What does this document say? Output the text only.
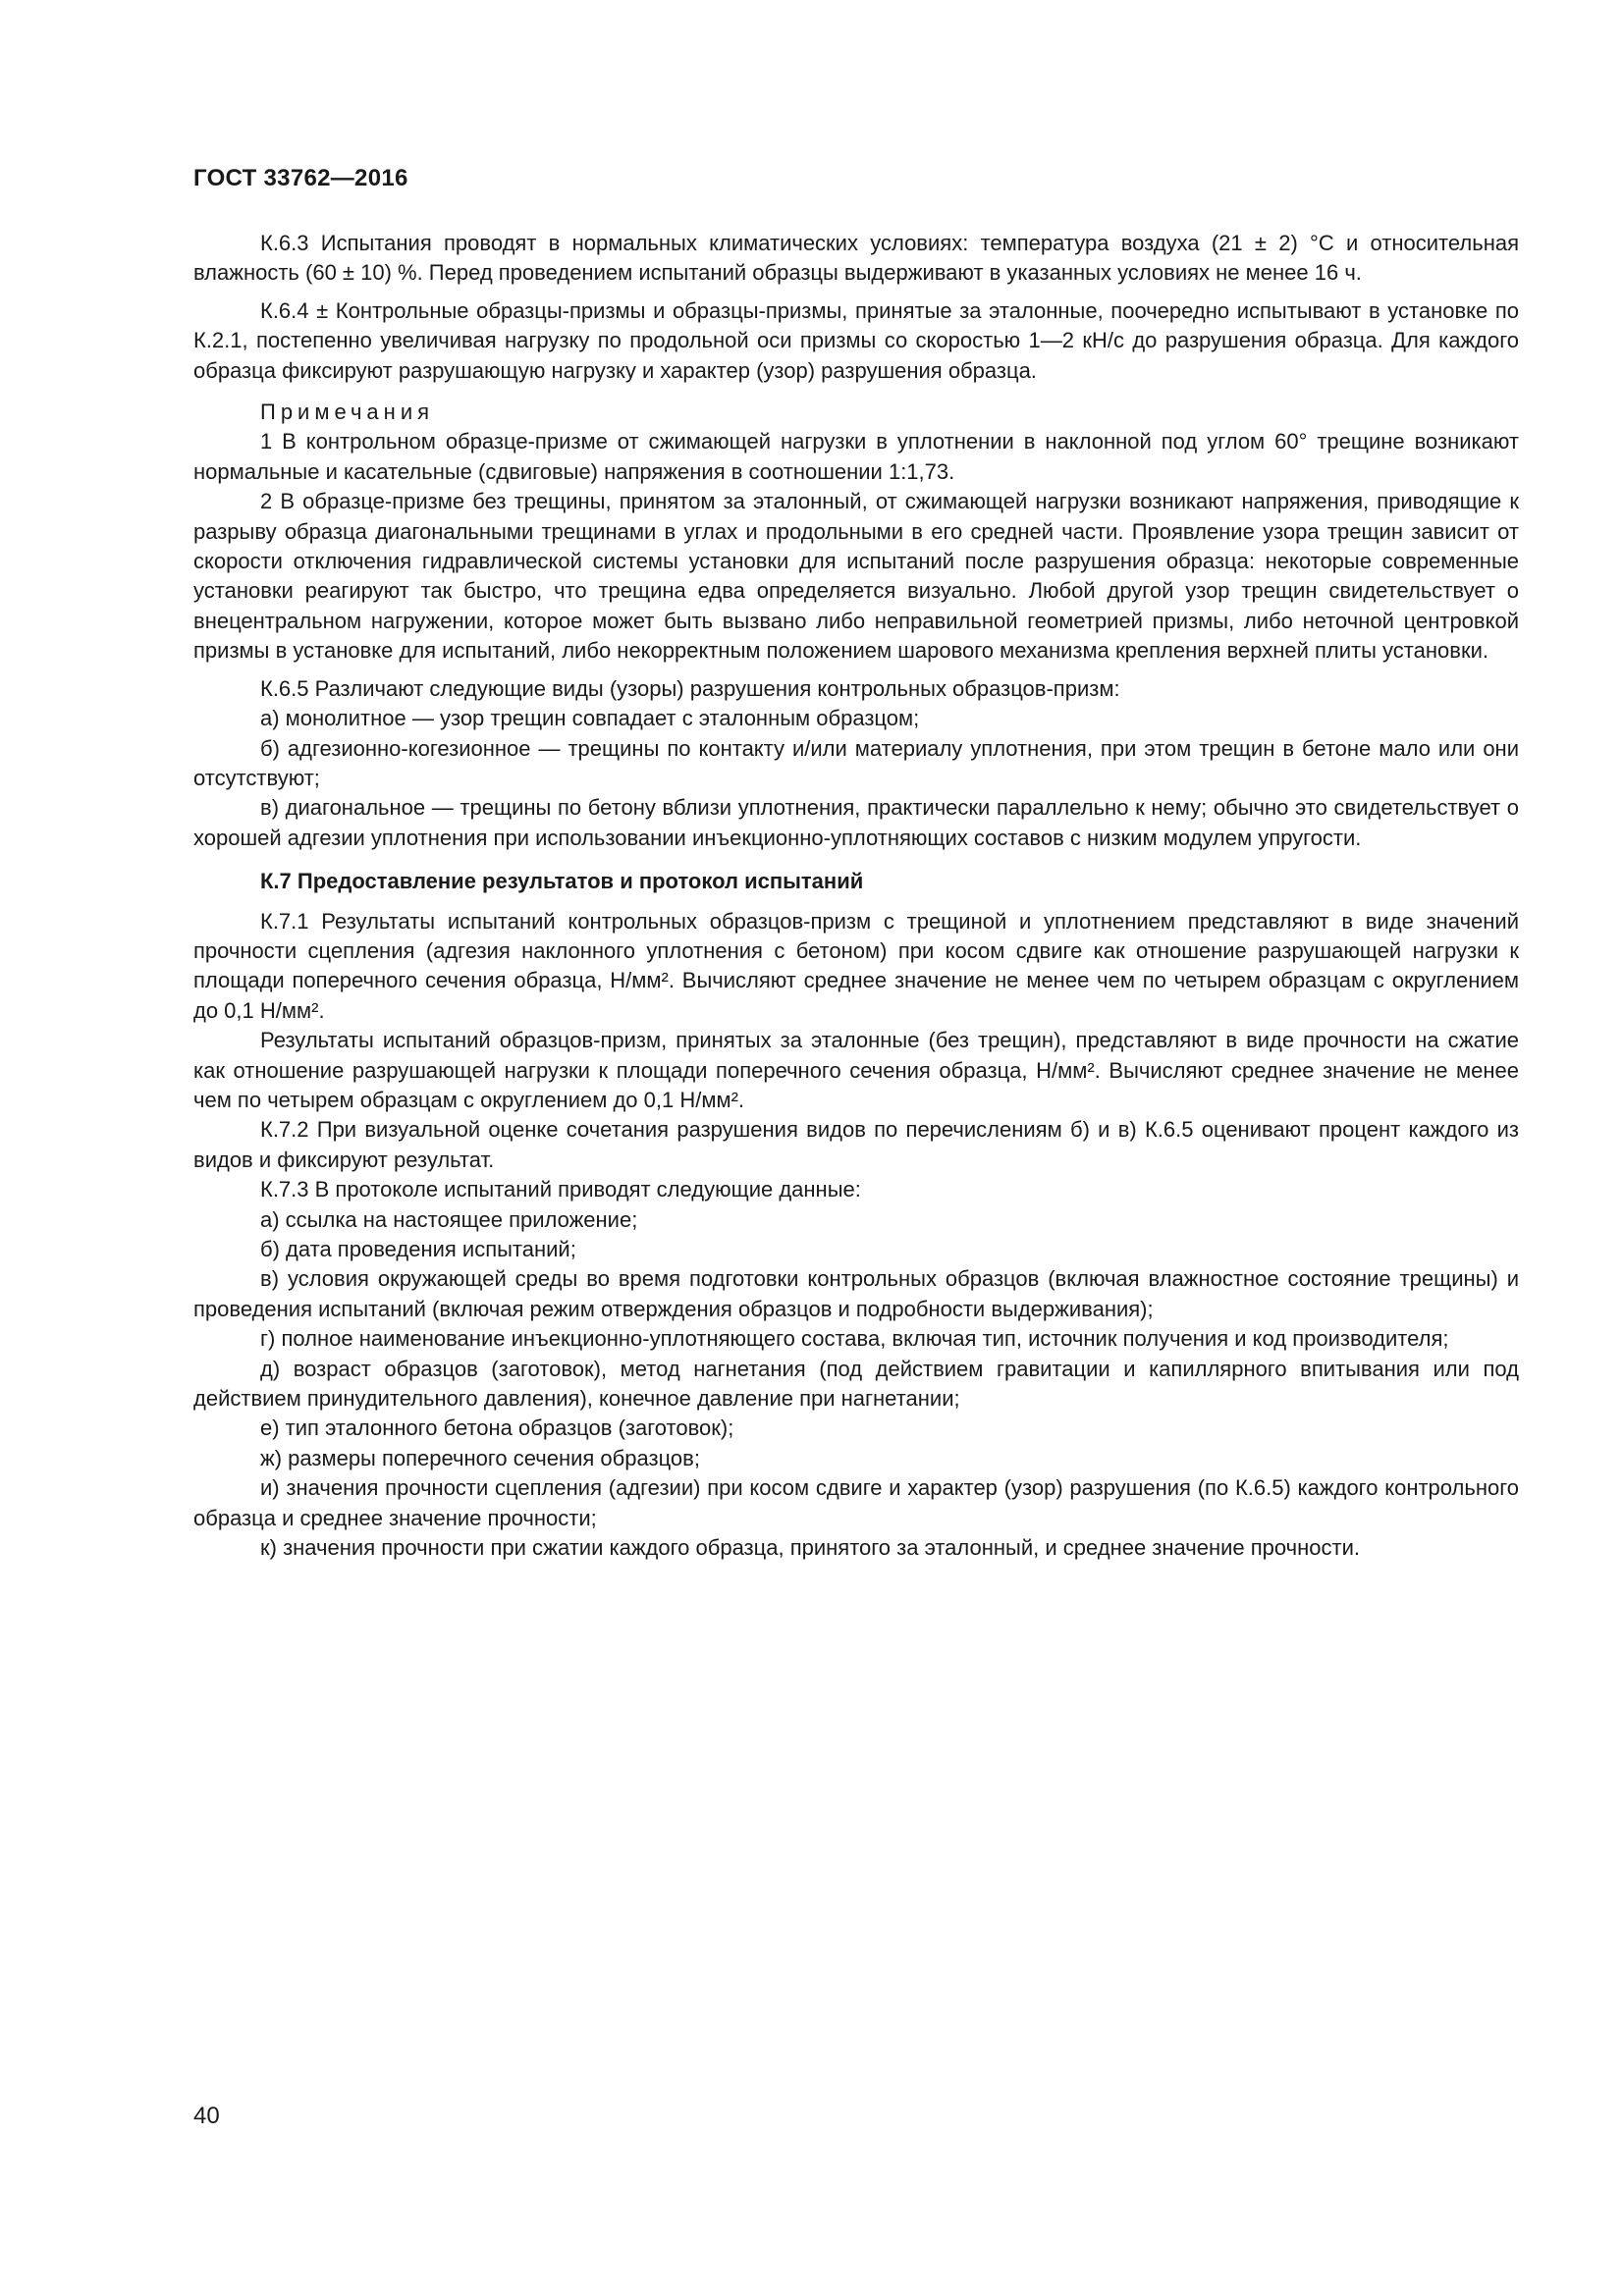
ГОСТ 33762—2016

К.6.3 Испытания проводят в нормальных климатических условиях: температура воздуха (21 ± 2) °С и относительная влажность (60 ± 10) %. Перед проведением испытаний образцы выдерживают в указанных условиях не менее 16 ч.

К.6.4 ± Контрольные образцы-призмы и образцы-призмы, принятые за эталонные, поочередно испытывают в установке по К.2.1, постепенно увеличивая нагрузку по продольной оси призмы со скоростью 1—2 кН/с до разрушения образца. Для каждого образца фиксируют разрушающую нагрузку и характер (узор) разрушения образца.

Примечания

1 В контрольном образце-призме от сжимающей нагрузки в уплотнении в наклонной под углом 60° трещине возникают нормальные и касательные (сдвиговые) напряжения в соотношении 1:1,73.

2 В образце-призме без трещины, принятом за эталонный, от сжимающей нагрузки возникают напряжения, приводящие к разрыву образца диагональными трещинами в углах и продольными в его средней части. Проявление узора трещин зависит от скорости отключения гидравлической системы установки для испытаний после разрушения образца: некоторые современные установки реагируют так быстро, что трещина едва определяется визуально. Любой другой узор трещин свидетельствует о внецентральном нагружении, которое может быть вызвано либо неправильной геометрией призмы, либо неточной центровкой призмы в установке для испытаний, либо некорректным положением шарового механизма крепления верхней плиты установки.

К.6.5 Различают следующие виды (узоры) разрушения контрольных образцов-призм:

а) монолитное — узор трещин совпадает с эталонным образцом;

б) адгезионно-когезионное — трещины по контакту и/или материалу уплотнения, при этом трещин в бетоне мало или они отсутствуют;

в) диагональное — трещины по бетону вблизи уплотнения, практически параллельно к нему; обычно это свидетельствует о хорошей адгезии уплотнения при использовании инъекционно-уплотняющих составов с низким модулем упругости.

К.7 Предоставление результатов и протокол испытаний

К.7.1 Результаты испытаний контрольных образцов-призм с трещиной и уплотнением представляют в виде значений прочности сцепления (адгезия наклонного уплотнения с бетоном) при косом сдвиге как отношение разрушающей нагрузки к площади поперечного сечения образца, Н/мм². Вычисляют среднее значение не менее чем по четырем образцам с округлением до 0,1 Н/мм².

Результаты испытаний образцов-призм, принятых за эталонные (без трещин), представляют в виде прочности на сжатие как отношение разрушающей нагрузки к площади поперечного сечения образца, Н/мм². Вычисляют среднее значение не менее чем по четырем образцам с округлением до 0,1 Н/мм².

К.7.2 При визуальной оценке сочетания разрушения видов по перечислениям б) и в) К.6.5 оценивают процент каждого из видов и фиксируют результат.

К.7.3 В протоколе испытаний приводят следующие данные:

а) ссылка на настоящее приложение;

б) дата проведения испытаний;

в) условия окружающей среды во время подготовки контрольных образцов (включая влажностное состояние трещины) и проведения испытаний (включая режим отверждения образцов и подробности выдерживания);

г) полное наименование инъекционно-уплотняющего состава, включая тип, источник получения и код производителя;

д) возраст образцов (заготовок), метод нагнетания (под действием гравитации и капиллярного впитывания или под действием принудительного давления), конечное давление при нагнетании;

е) тип эталонного бетона образцов (заготовок);

ж) размеры поперечного сечения образцов;

и) значения прочности сцепления (адгезии) при косом сдвиге и характер (узор) разрушения (по К.6.5) каждого контрольного образца и среднее значение прочности;

к) значения прочности при сжатии каждого образца, принятого за эталонный, и среднее значение прочности.

40
